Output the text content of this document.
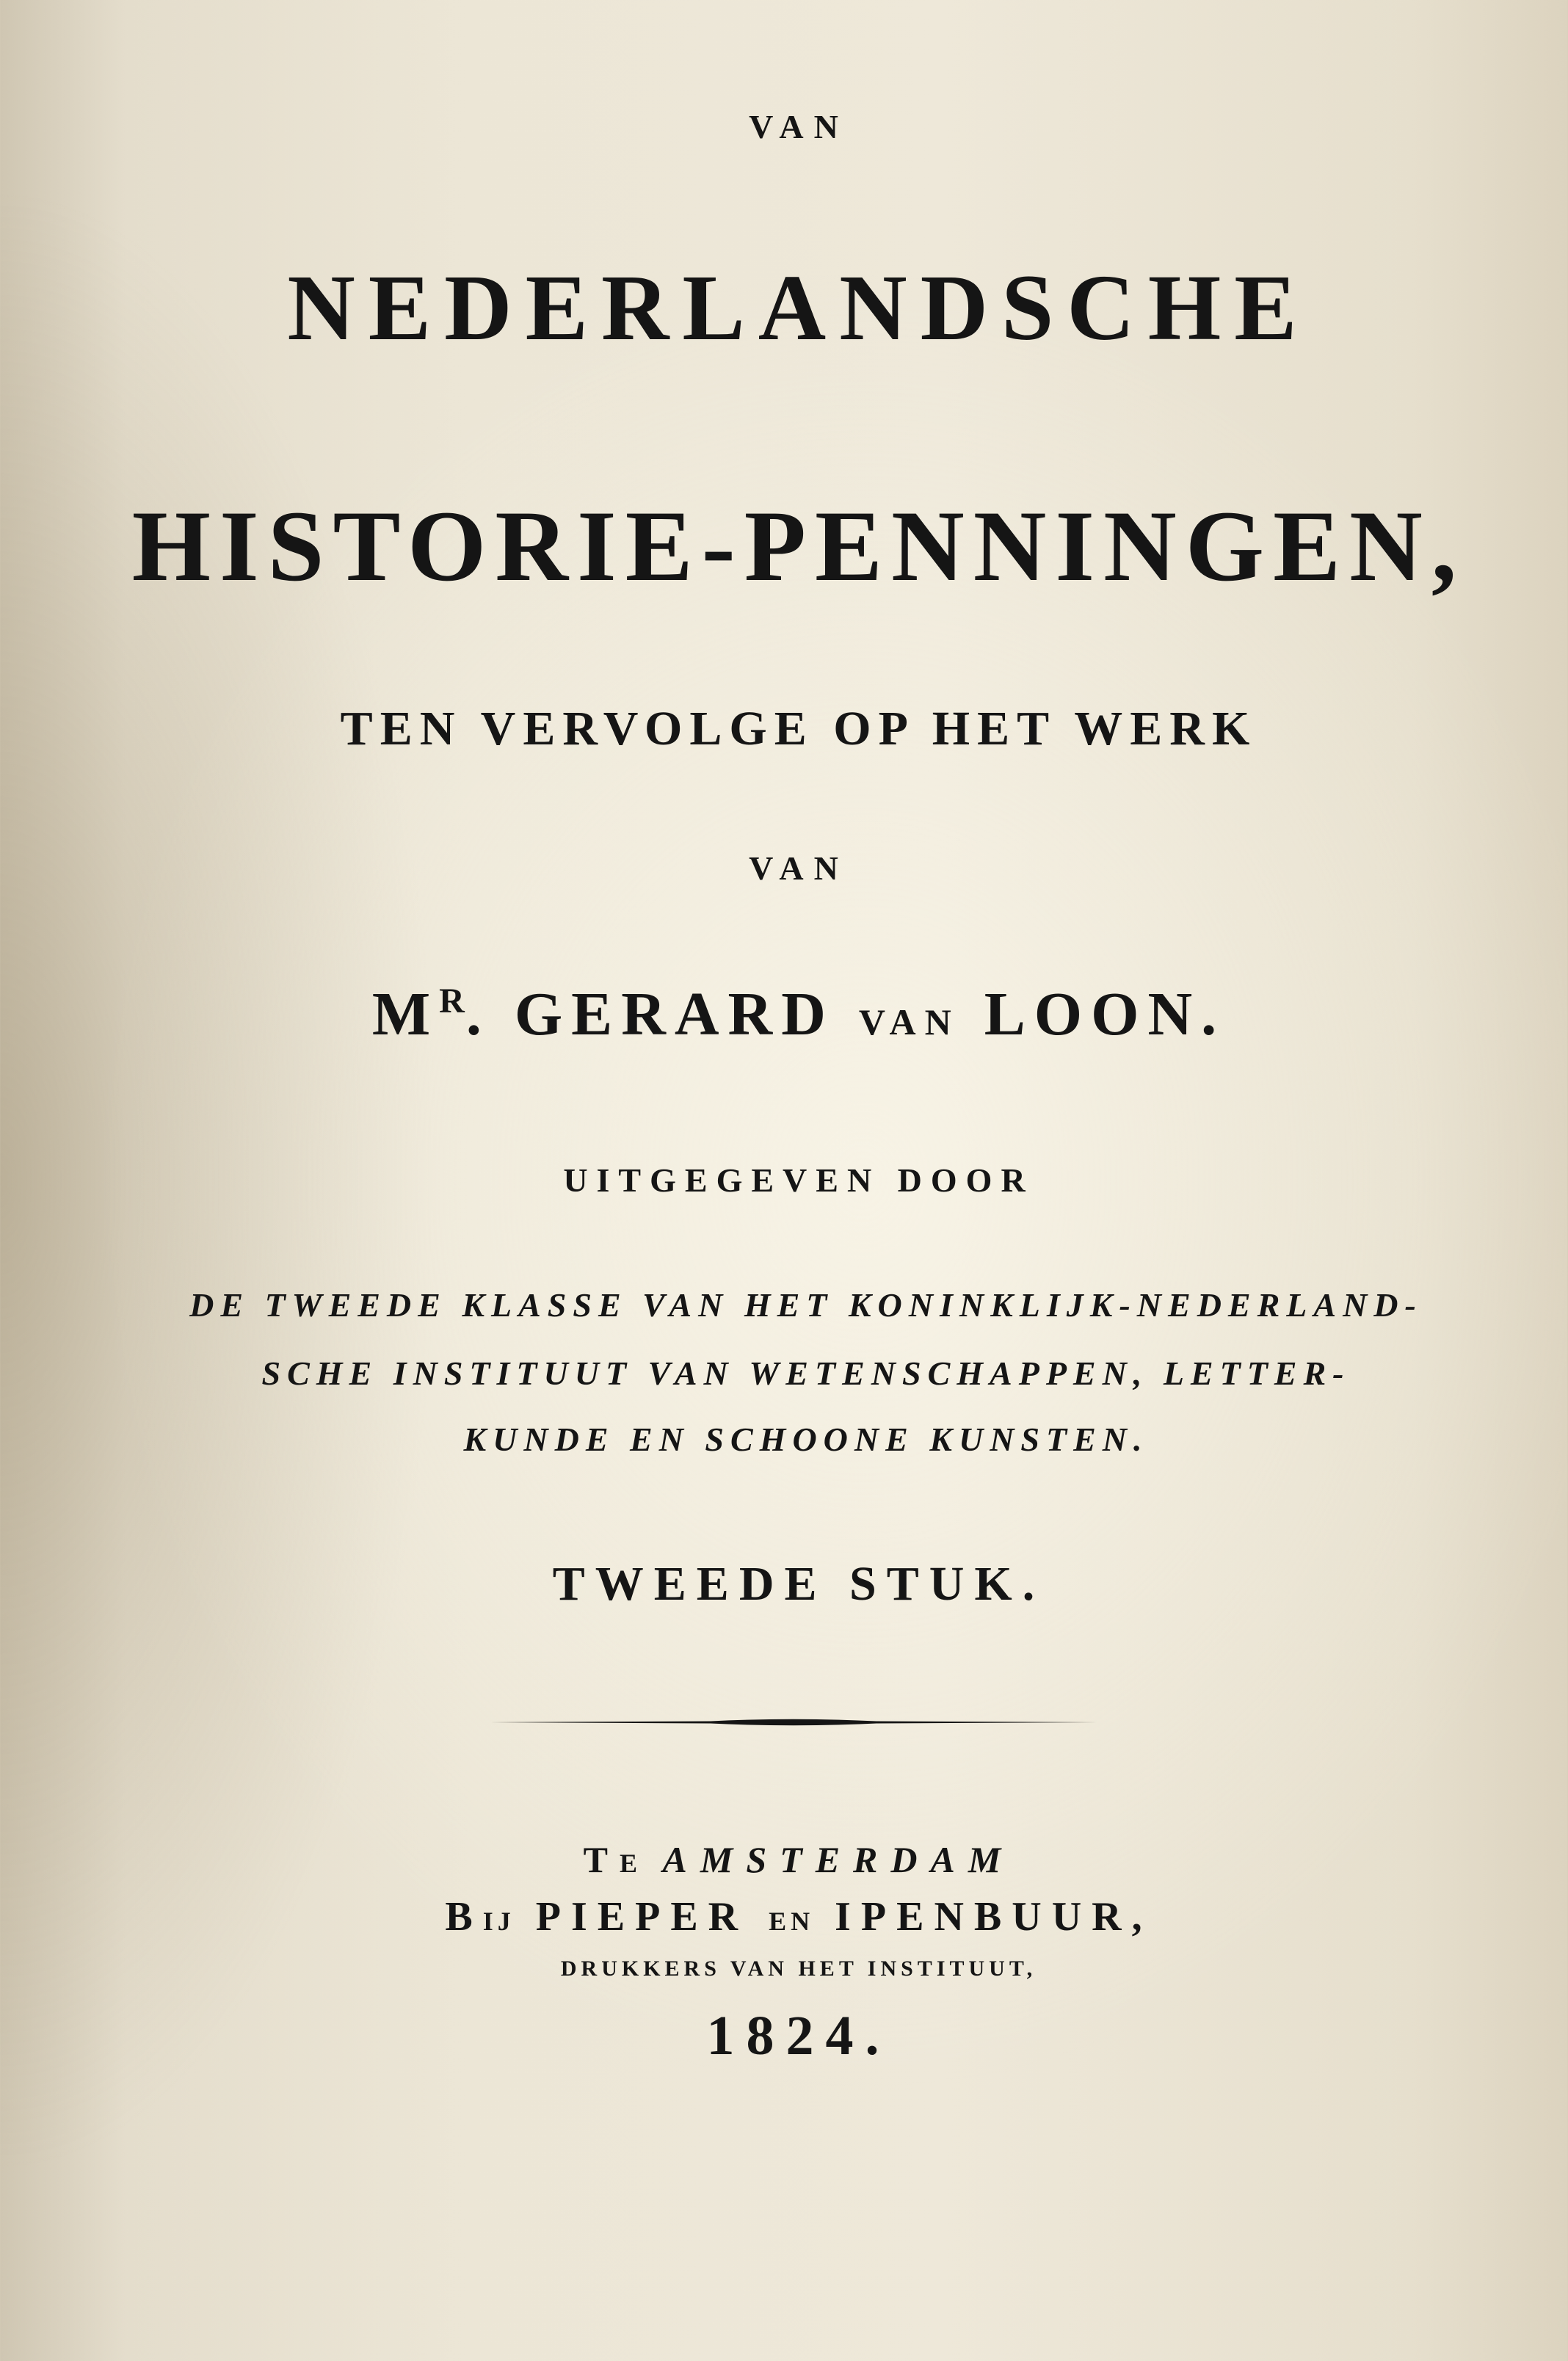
VAN
NEDERLANDSCHE
HISTORIE-PENNINGEN,
TEN VERVOLGE OP HET WERK
VAN
$M^R$. GERARD VAN LOON.
UITGEGEVEN DOOR
DE TWEEDE KLASSE VAN HET KONINKLIJK-NEDERLAND-
SCHE INSTITUUT VAN WETENSCHAPPEN, LETTER-
KUNDE EN SCHOONE KUNSTEN.
TWEEDE STUK.
TE AMSTERDAM
BIJ PIEPER EN IPENBUUR,
DRUKKERS VAN HET INSTITUUT,
1824.
